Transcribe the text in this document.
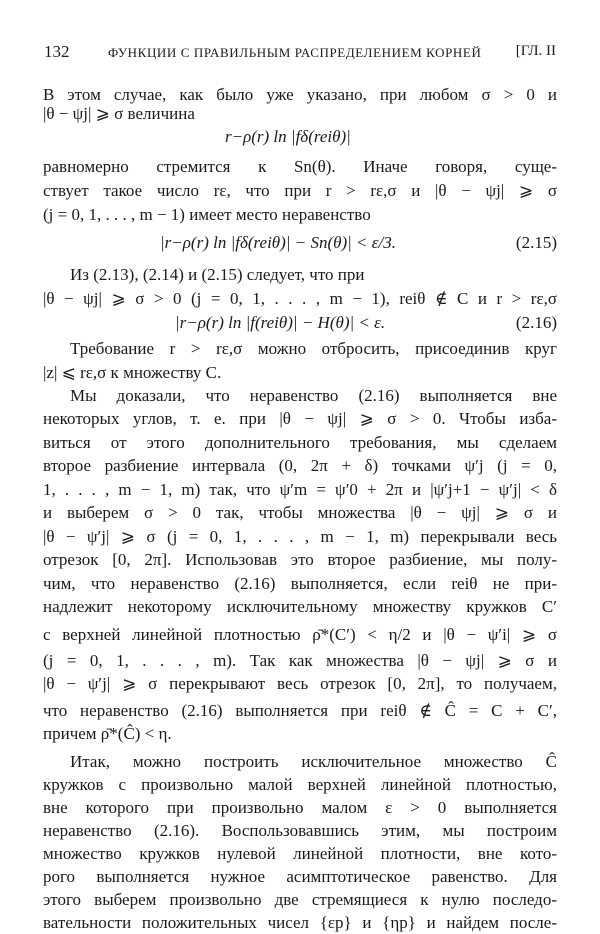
132	ФУНКЦИИ С ПРАВИЛЬНЫМ РАСПРЕДЕЛЕНИЕМ КОРНЕЙ [ГЛ. II
В этом случае, как было уже указано, при любом σ > 0 и
|θ − ψj| ⩾ σ величина
r−ρ(r) ln |fδ(reiθ)|
равномерно стремится к Sn(θ). Иначе говоря, суще-
ствует такое число rε, что при r > rε,σ и |θ − ψj| ⩾ σ
(j = 0, 1, . . . , m − 1) имеет место неравенство
|r−ρ(r) ln |fδ(reiθ)| − Sn(θ)| < ε/3.	(2.15)
Из (2.13), (2.14) и (2.15) следует, что при
|θ − ψj| ⩾ σ > 0 (j = 0, 1, . . . , m − 1), reiθ ∉ C и r > rε,σ
|r−ρ(r) ln |f(reiθ)| − H(θ)| < ε.	(2.16)
Требование r > rε,σ можно отбросить, присоединив круг
|z| ⩽ rε,σ к множеству C.
Мы доказали, что неравенство (2.16) выполняется вне
некоторых углов, т. е. при |θ − ψj| ⩾ σ > 0. Чтобы изба-
виться от этого дополнительного требования, мы сделаем
второе разбиение интервала (0, 2π + δ) точками ψ′j (j = 0,
1, . . . , m − 1, m) так, что ψ′m = ψ′0 + 2π и |ψ′j+1 − ψ′j| < δ
и выберем σ > 0 так, чтобы множества |θ − ψj| ⩾ σ и
|θ − ψ′j| ⩾ σ (j = 0, 1, . . . , m − 1, m) перекрывали весь
отрезок [0, 2π]. Использовав это второе разбиение, мы полу-
чим, что неравенство (2.16) выполняется, если reiθ не при-
надлежит некоторому исключительному множеству кружков C′
с верхней линейной плотностью ρ̄*(C′) < η/2 и |θ − ψ′i| ⩾ σ
(j = 0, 1, . . . , m). Так как множества |θ − ψj| ⩾ σ и
|θ − ψ′j| ⩾ σ перекрывают весь отрезок [0, 2π], то получаем,
что неравенство (2.16) выполняется при reiθ ∉ Ĉ = C + C′,
причем ρ̄*(Ĉ) < η.
Итак, можно построить исключительное множество Ĉ
кружков с произвольно малой верхней линейной плотностью,
вне которого при произвольно малом ε > 0 выполняется
неравенство (2.16). Воспользовавшись этим, мы построим
множество кружков нулевой линейной плотности, вне кото-
рого выполняется нужное асимптотическое равенство. Для
этого выберем произвольно две стремящиеся к нулю последо-
вательности положительных чисел {εp} и {ηp} и найдем после-
